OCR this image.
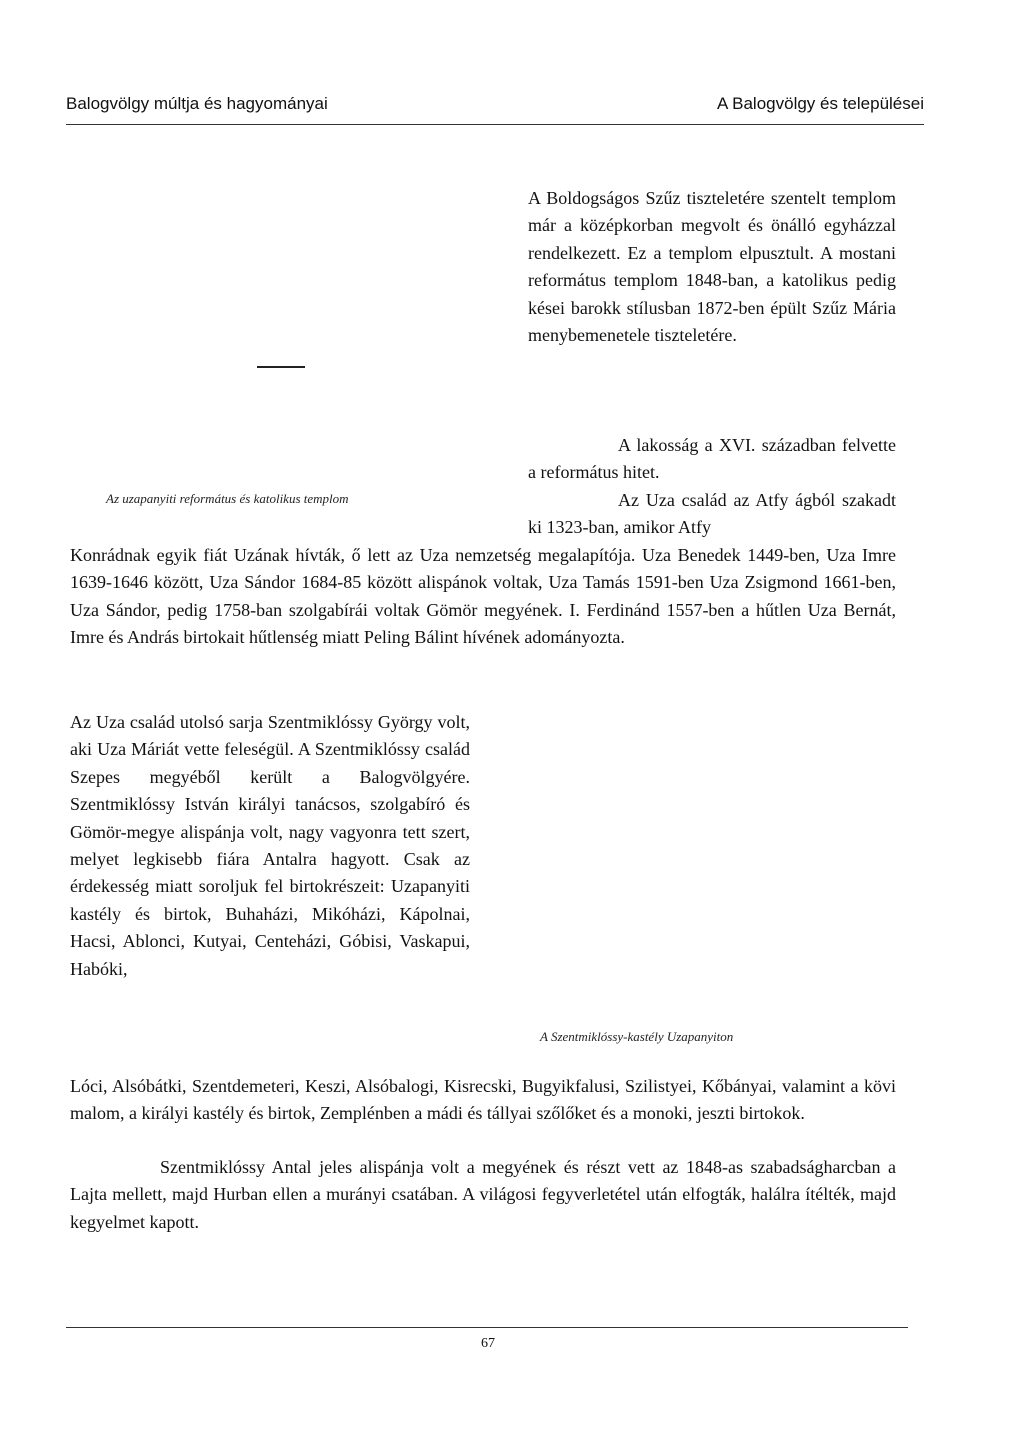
Balogvölgy múltja és hagyományai	A Balogvölgy és települései

A Boldogságos Szűz tiszteletére szentelt templom már a középkorban megvolt és önálló egyházzal rendelkezett. Ez a templom elpusztult. A mostani református templom 1848-ban, a katolikus pedig kései barokk stílusban 1872-ben épült Szűz Mária menybemenetele tiszteletére.

A lakosság a XVI. században felvette a református hitet.

Az uzapanyiti református és katolikus templom	Az Uza család az Atfy ágból szakadt ki 1323-ban, amikor Atfy

Konrádnak egyik fiát Uzának hívták, ő lett az Uza nemzetség megalapítója. Uza Benedek 1449-ben, Uza Imre 1639-1646 között, Uza Sándor 1684-85 között alispánok voltak, Uza Tamás 1591-ben Uza Zsigmond 1661-ben, Uza Sándor, pedig 1758-ban szolgabírái voltak Gömör megyének. I. Ferdinánd 1557-ben a hűtlen Uza Bernát, Imre és András birtokait hűtlenség miatt Peling Bálint hívének adományozta.

Az Uza család utolsó sarja Szentmiklóssy György volt, aki Uza Máriát vette feleségül. A Szentmiklóssy család Szepes megyéből került a Balogvölgyére. Szentmiklóssy István királyi tanácsos, szolgabíró és Gömör-megye alispánja volt, nagy vagyonra tett szert, melyet legkisebb fiára Antalra hagyott. Csak az érdekesség miatt soroljuk fel birtokrészeit: Uzapanyiti kastély és birtok, Buhaházi, Mikóházi, Kápolnai, Hacsi, Ablonci, Kutyai, Centeházi, Góbisi, Vaskapui, Habóki,

A Szentmiklóssy-kastély Uzapanyiton

Lóci, Alsóbátki, Szentdemeteri, Keszi, Alsóbalogi, Kisrecski, Bugyikfalusi, Szilistyei, Kőbányai, valamint a kövi malom, a királyi kastély és birtok, Zemplénben a mádi és tállyai szőlőket és a monoki, jeszti birtokok.

Szentmiklóssy Antal jeles alispánja volt a megyének és részt vett az 1848-as szabadságharcban a Lajta mellett, majd Hurban ellen a murányi csatában. A világosi fegyverletétel után elfogták, halálra ítélték, majd kegyelmet kapott.

67
